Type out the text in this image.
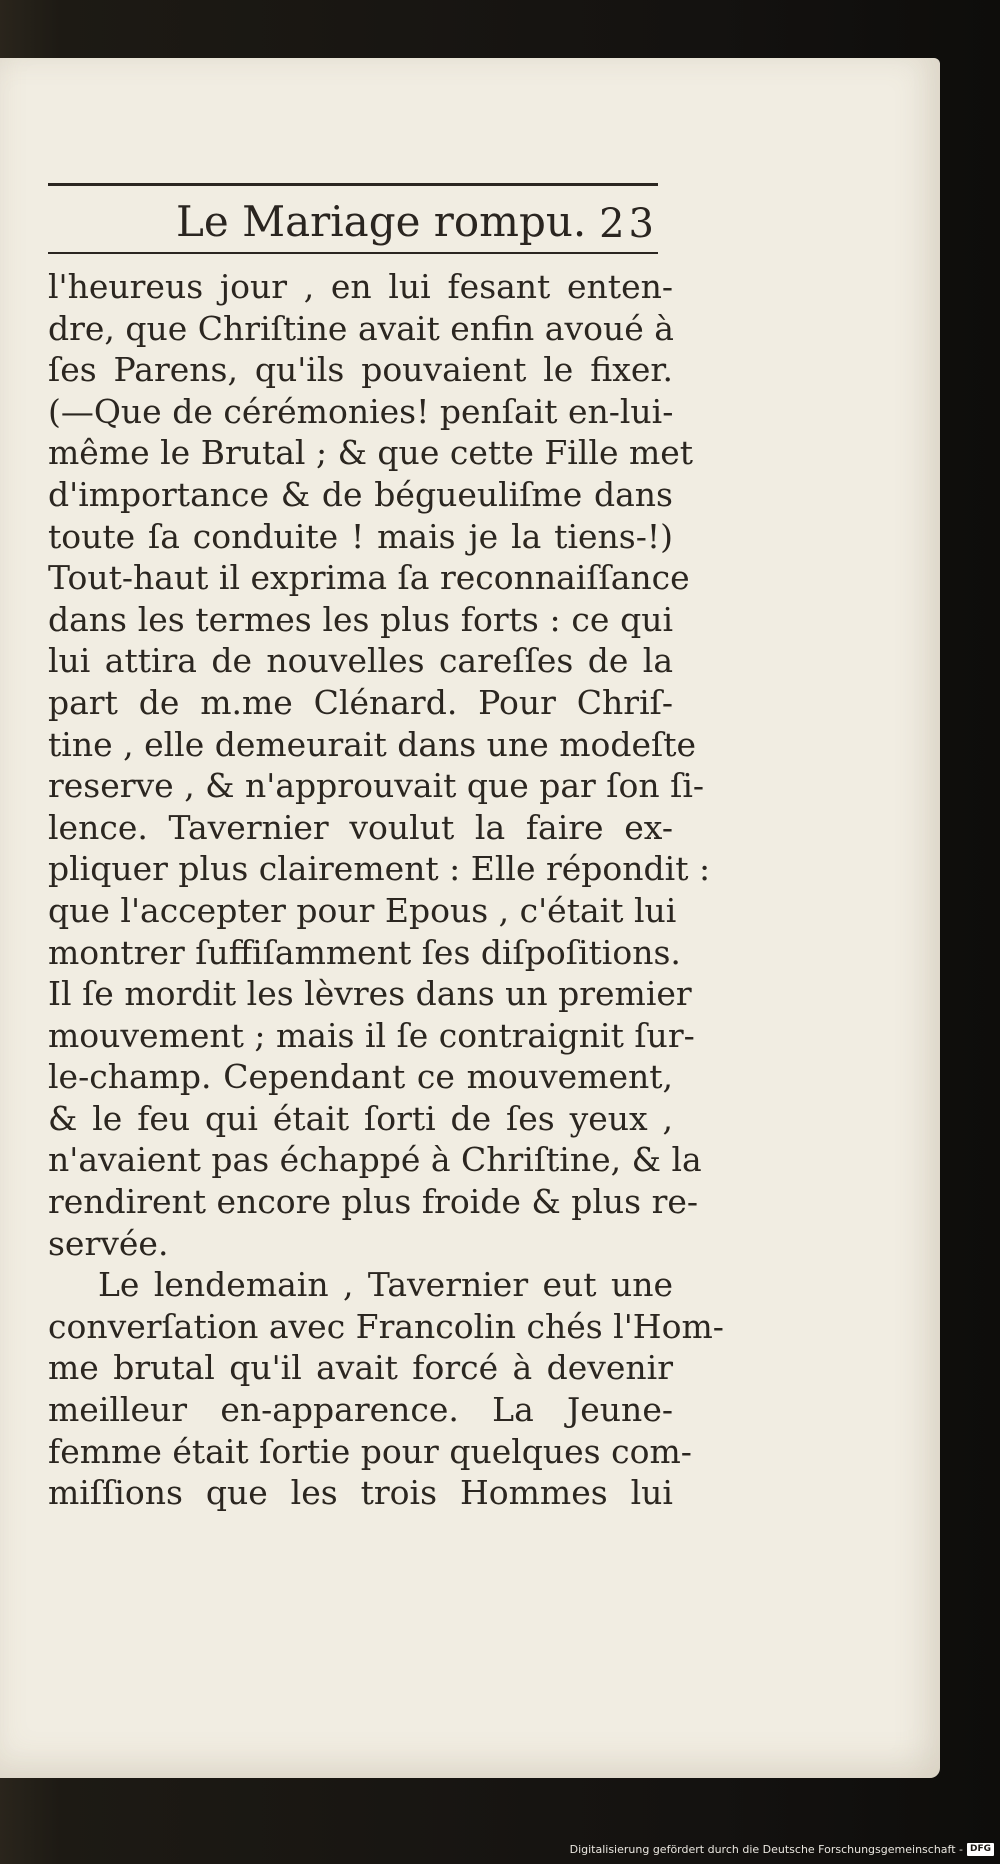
Le Mariage rompu. 23
l'heureus jour , en lui fesant enten-
dre, que Chriſtine avait enfin avoué à
ſes Parens, qu'ils pouvaient le fixer.
(—Que de cérémonies! penſait en-lui-
même le Brutal ; & que cette Fille met
d'importance & de bégueuliſme dans
toute ſa conduite ! mais je la tiens-!)
Tout-haut il exprima ſa reconnaiſſance
dans les termes les plus forts : ce qui
lui attira de nouvelles careſſes de la
part de m.me Clénard. Pour Chriſ-
tine , elle demeurait dans une modeſte
reserve , & n'approuvait que par ſon ſi-
lence. Tavernier voulut la faire ex-
pliquer plus clairement : Elle répondit :
que l'accepter pour Epous , c'était lui
montrer ſuffiſamment ſes diſpoſitions.
Il ſe mordit les lèvres dans un premier
mouvement ; mais il ſe contraignit ſur-
le-champ. Cependant ce mouvement,
& le feu qui était ſorti de ſes yeux ,
n'avaient pas échappé à Chriſtine, & la
rendirent encore plus froide & plus re-
servée.
Le lendemain , Tavernier eut une
converſation avec Francolin chés l'Hom-
me brutal qu'il avait forcé à devenir
meilleur en-apparence. La Jeune-
femme était ſortie pour quelques com-
miſſions que les trois Hommes lui
Digitalisierung gefördert durch die Deutsche Forschungsgemeinschaft - DFG
